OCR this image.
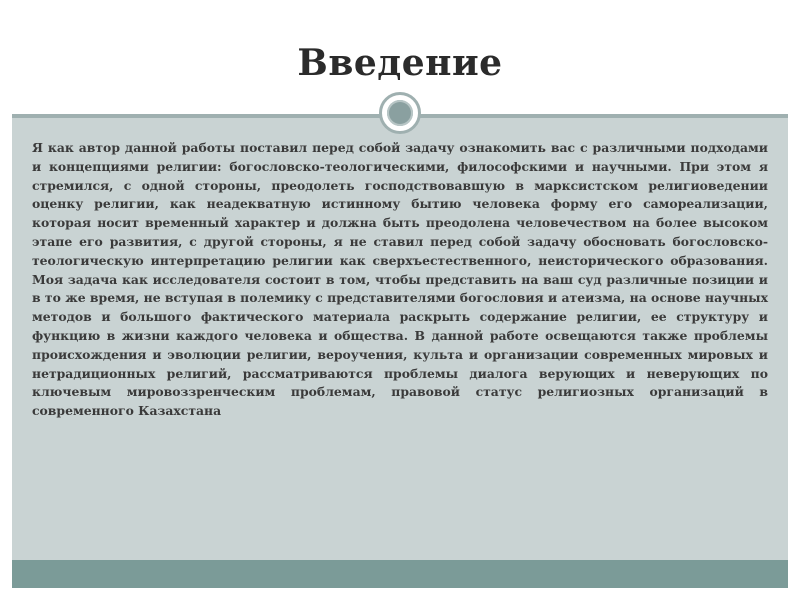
Введение

Я как автор данной работы поставил перед собой задачу ознакомить вас с различными подходами и концепциями религии: богословско-теологическими, философскими и научными. При этом я стремился, с одной стороны, преодолеть господствовавшую в марксистском религиоведении оценку религии, как неадекватную истинному бытию человека форму его самореализации, которая носит временный характер и должна быть преодолена человечеством на более высоком этапе его развития, с другой стороны, я не ставил перед собой задачу обосновать богословско-теологическую интерпретацию религии как сверхъестественного, неисторического образования. Моя задача как исследователя состоит в том, чтобы представить на ваш суд различные позиции и в то же время, не вступая в полемику с представителями богословия и атеизма, на основе научных методов и большого фактического материала раскрыть содержание религии, ее структуру и функцию в жизни каждого человека и общества. В данной работе освещаются также проблемы происхождения и эволюции религии, вероучения, культа и организации современных мировых и нетрадиционных религий, рассматриваются проблемы диалога верующих и неверующих по ключевым мировоззренческим проблемам, правовой статус религиозных организаций в современного Казахстана
